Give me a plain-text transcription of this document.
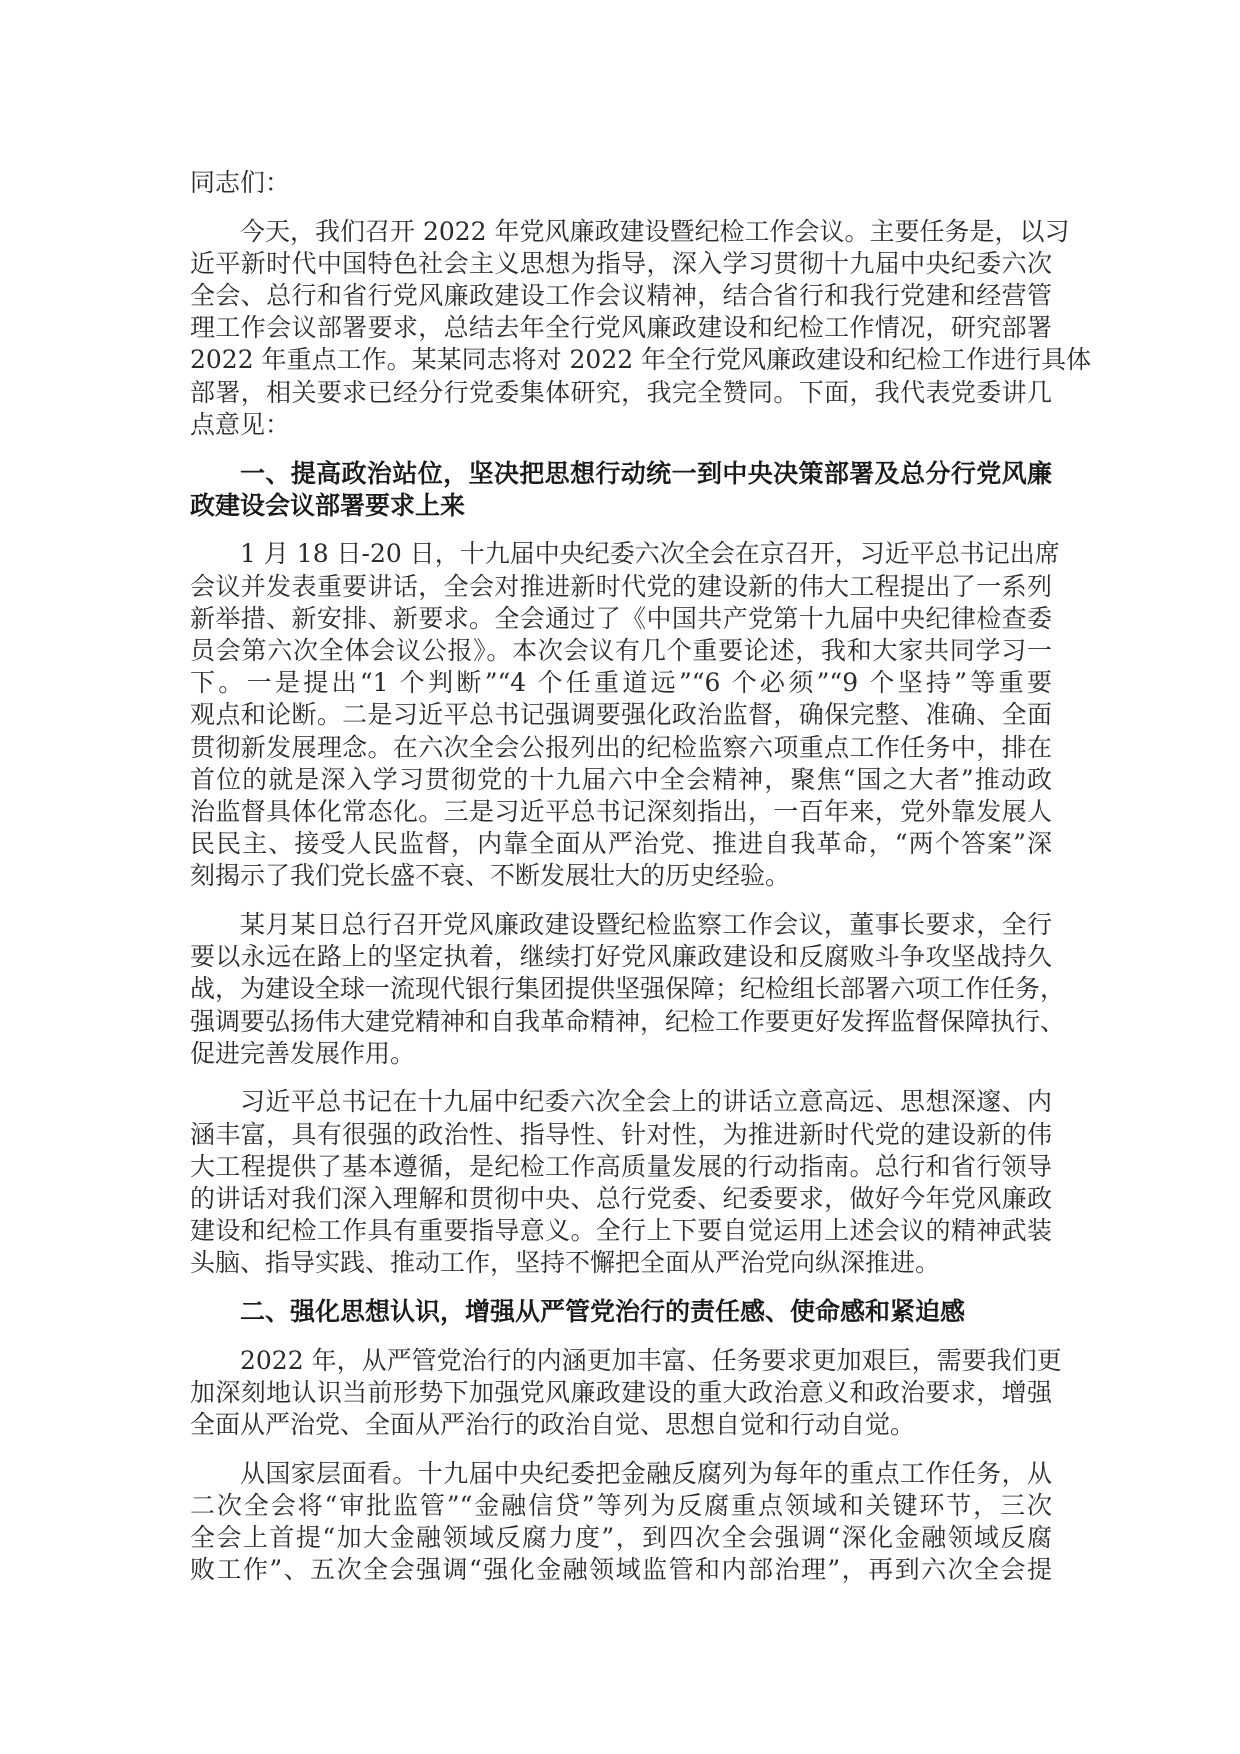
同志们：
今天，我们召开 2022 年党风廉政建设暨纪检工作会议。主要任务是，以习
近平新时代中国特色社会主义思想为指导，深入学习贯彻十九届中央纪委六次
全会、总行和省行党风廉政建设工作会议精神，结合省行和我行党建和经营管
理工作会议部署要求，总结去年全行党风廉政建设和纪检工作情况，研究部署
2022 年重点工作。某某同志将对 2022 年全行党风廉政建设和纪检工作进行具体
部署，相关要求已经分行党委集体研究，我完全赞同。下面，我代表党委讲几
点意见：
一、提高政治站位，坚决把思想行动统一到中央决策部署及总分行党风廉
政建设会议部署要求上来
1 月 18 日-20 日，十九届中央纪委六次全会在京召开，习近平总书记出席
会议并发表重要讲话，全会对推进新时代党的建设新的伟大工程提出了一系列
新举措、新安排、新要求。全会通过了《中国共产党第十九届中央纪律检查委
员会第六次全体会议公报》。本次会议有几个重要论述，我和大家共同学习一
下。一是提出“1 个判断”“4 个任重道远”“6 个必须”“9 个坚持”等重要
观点和论断。二是习近平总书记强调要强化政治监督，确保完整、准确、全面
贯彻新发展理念。在六次全会公报列出的纪检监察六项重点工作任务中，排在
首位的就是深入学习贯彻党的十九届六中全会精神，聚焦“国之大者”推动政
治监督具体化常态化。三是习近平总书记深刻指出，一百年来，党外靠发展人
民民主、接受人民监督，内靠全面从严治党、推进自我革命，“两个答案”深
刻揭示了我们党长盛不衰、不断发展壮大的历史经验。
某月某日总行召开党风廉政建设暨纪检监察工作会议，董事长要求，全行
要以永远在路上的坚定执着，继续打好党风廉政建设和反腐败斗争攻坚战持久
战，为建设全球一流现代银行集团提供坚强保障；纪检组长部署六项工作任务，
强调要弘扬伟大建党精神和自我革命精神，纪检工作要更好发挥监督保障执行、
促进完善发展作用。
习近平总书记在十九届中纪委六次全会上的讲话立意高远、思想深邃、内
涵丰富，具有很强的政治性、指导性、针对性，为推进新时代党的建设新的伟
大工程提供了基本遵循，是纪检工作高质量发展的行动指南。总行和省行领导
的讲话对我们深入理解和贯彻中央、总行党委、纪委要求，做好今年党风廉政
建设和纪检工作具有重要指导意义。全行上下要自觉运用上述会议的精神武装
头脑、指导实践、推动工作，坚持不懈把全面从严治党向纵深推进。
二、强化思想认识，增强从严管党治行的责任感、使命感和紧迫感
2022 年，从严管党治行的内涵更加丰富、任务要求更加艰巨，需要我们更
加深刻地认识当前形势下加强党风廉政建设的重大政治意义和政治要求，增强
全面从严治党、全面从严治行的政治自觉、思想自觉和行动自觉。
从国家层面看。十九届中央纪委把金融反腐列为每年的重点工作任务，从
二次全会将“审批监管”“金融信贷”等列为反腐重点领域和关键环节，三次
全会上首提“加大金融领域反腐力度”，到四次全会强调“深化金融领域反腐
败工作”、五次全会强调“强化金融领域监管和内部治理”，再到六次全会提
